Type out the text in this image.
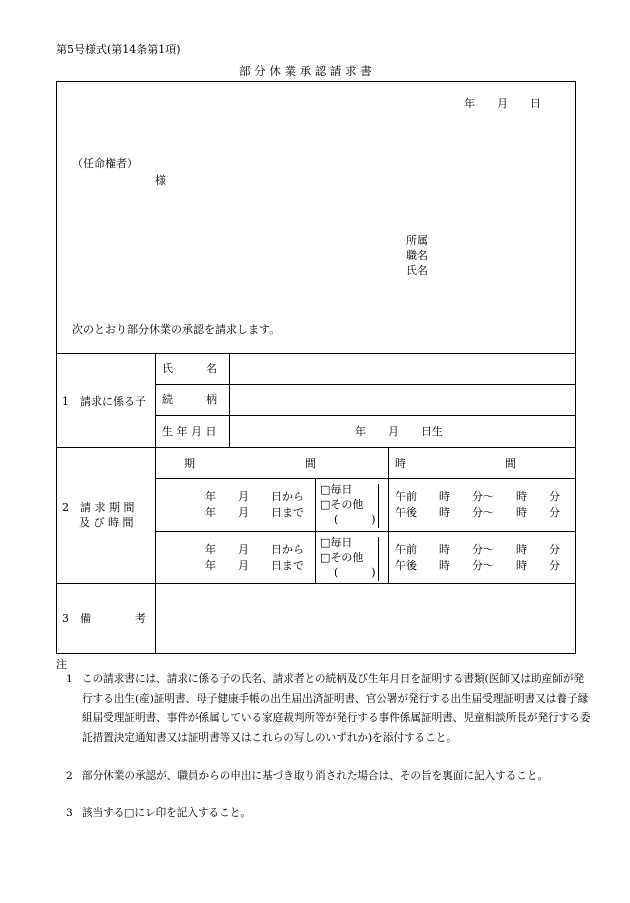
第5号様式(第14条第1項)
部 分 休 業 承 認 請 求 書
年　　月　　日
（任命権者）
様
所属
職名
氏名
次のとおり部分休業の承認を請求します。
1　請求に係る子
氏　　　名
続　　　柄
生 年 月 日	年　　月　　日生
2　請 求 期 間
及 び 時 間
期　　　　　　　　　　間	時　　　　　　　　　間
年　　月　　日から
年　　月　　日まで
□毎日
□その他
(　　　)
午前　　時　　分～　　時　　分
午後　　時　　分～　　時　　分
年　　月　　日から
年　　月　　日まで
□毎日
□その他
(　　　)
午前　　時　　分～　　時　　分
午後　　時　　分～　　時　　分
3　備　　　　考
注
1 この請求書には、請求に係る子の氏名、請求者との続柄及び生年月日を証明する書類(医師又は助産師が発行する出生(産)証明書、母子健康手帳の出生届出済証明書、官公署が発行する出生届受理証明書又は養子縁組届受理証明書、事件が係属している家庭裁判所等が発行する事件係属証明書、児童相談所長が発行する委託措置決定通知書又は証明書等又はこれらの写しのいずれか)を添付すること。
2 部分休業の承認が、職員からの申出に基づき取り消された場合は、その旨を裏面に記入すること。
3 該当する□にレ印を記入すること。
